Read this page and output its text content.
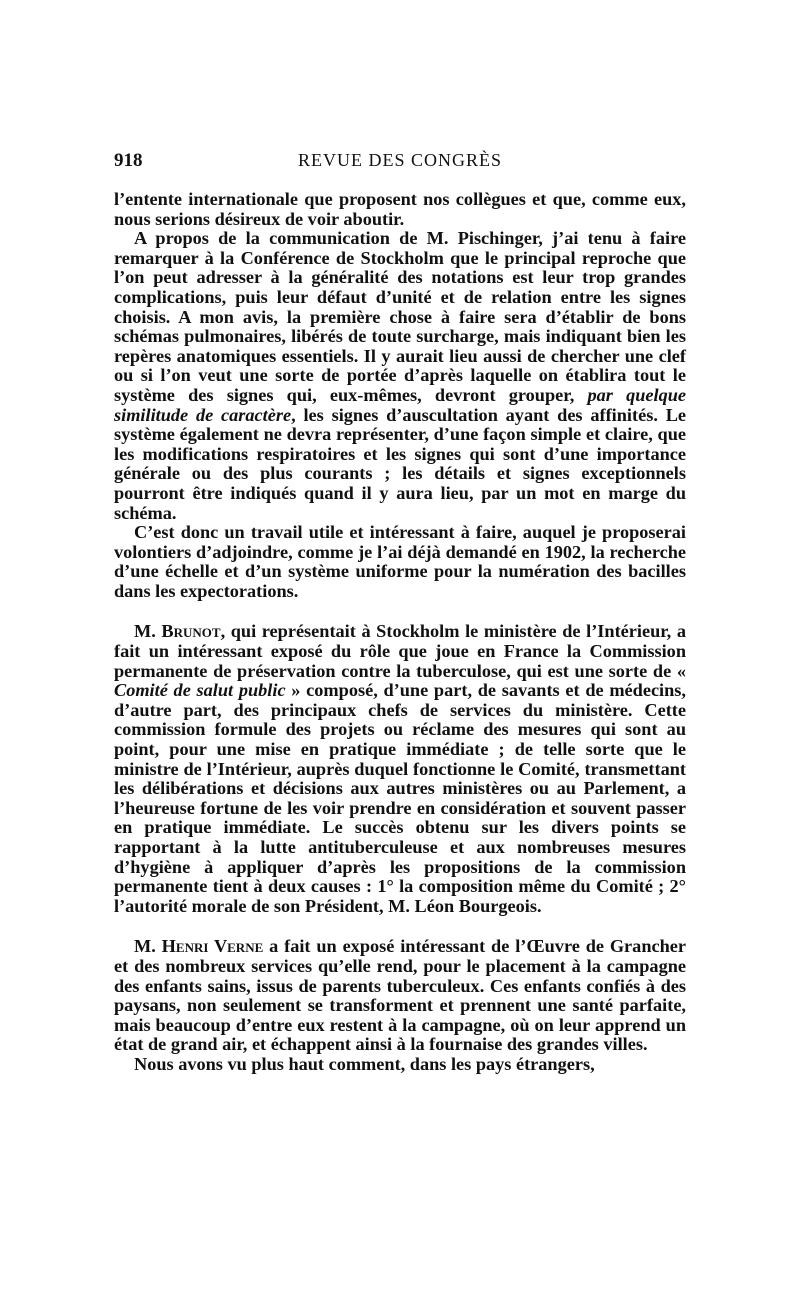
918	REVUE DES CONGRÈS

l’entente internationale que proposent nos collègues et que, comme eux, nous serions désireux de voir aboutir.

A propos de la communication de M. Pischinger, j’ai tenu à faire remarquer à la Conférence de Stockholm que le principal reproche que l’on peut adresser à la généralité des notations est leur trop grandes complications, puis leur défaut d’unité et de relation entre les signes choisis. A mon avis, la première chose à faire sera d’établir de bons schémas pulmonaires, libérés de toute surcharge, mais indiquant bien les repères anatomiques essentiels. Il y aurait lieu aussi de chercher une clef ou si l’on veut une sorte de portée d’après laquelle on établira tout le système des signes qui, eux-mêmes, devront grouper, par quelque similitude de caractère, les signes d’auscultation ayant des affinités. Le système également ne devra représenter, d’une façon simple et claire, que les modifications respiratoires et les signes qui sont d’une importance générale ou des plus courants ; les détails et signes exceptionnels pourront être indiqués quand il y aura lieu, par un mot en marge du schéma.

C’est donc un travail utile et intéressant à faire, auquel je proposerai volontiers d’adjoindre, comme je l’ai déjà demandé en 1902, la recherche d’une échelle et d’un système uniforme pour la numération des bacilles dans les expectorations.

M. Brunot, qui représentait à Stockholm le ministère de l’Intérieur, a fait un intéressant exposé du rôle que joue en France la Commission permanente de préservation contre la tuberculose, qui est une sorte de « Comité de salut public » composé, d’une part, de savants et de médecins, d’autre part, des principaux chefs de services du ministère. Cette commission formule des projets ou réclame des mesures qui sont au point, pour une mise en pratique immédiate ; de telle sorte que le ministre de l’Intérieur, auprès duquel fonctionne le Comité, transmettant les délibérations et décisions aux autres ministères ou au Parlement, a l’heureuse fortune de les voir prendre en considération et souvent passer en pratique immédiate. Le succès obtenu sur les divers points se rapportant à la lutte antituberculeuse et aux nombreuses mesures d’hygiène à appliquer d’après les propositions de la commission permanente tient à deux causes : 1° la composition même du Comité ; 2° l’autorité morale de son Président, M. Léon Bourgeois.

M. Henri Verne a fait un exposé intéressant de l’Œuvre de Grancher et des nombreux services qu’elle rend, pour le placement à la campagne des enfants sains, issus de parents tuberculeux. Ces enfants confiés à des paysans, non seulement se transforment et prennent une santé parfaite, mais beaucoup d’entre eux restent à la campagne, où on leur apprend un état de grand air, et échappent ainsi à la fournaise des grandes villes.

Nous avons vu plus haut comment, dans les pays étrangers,
